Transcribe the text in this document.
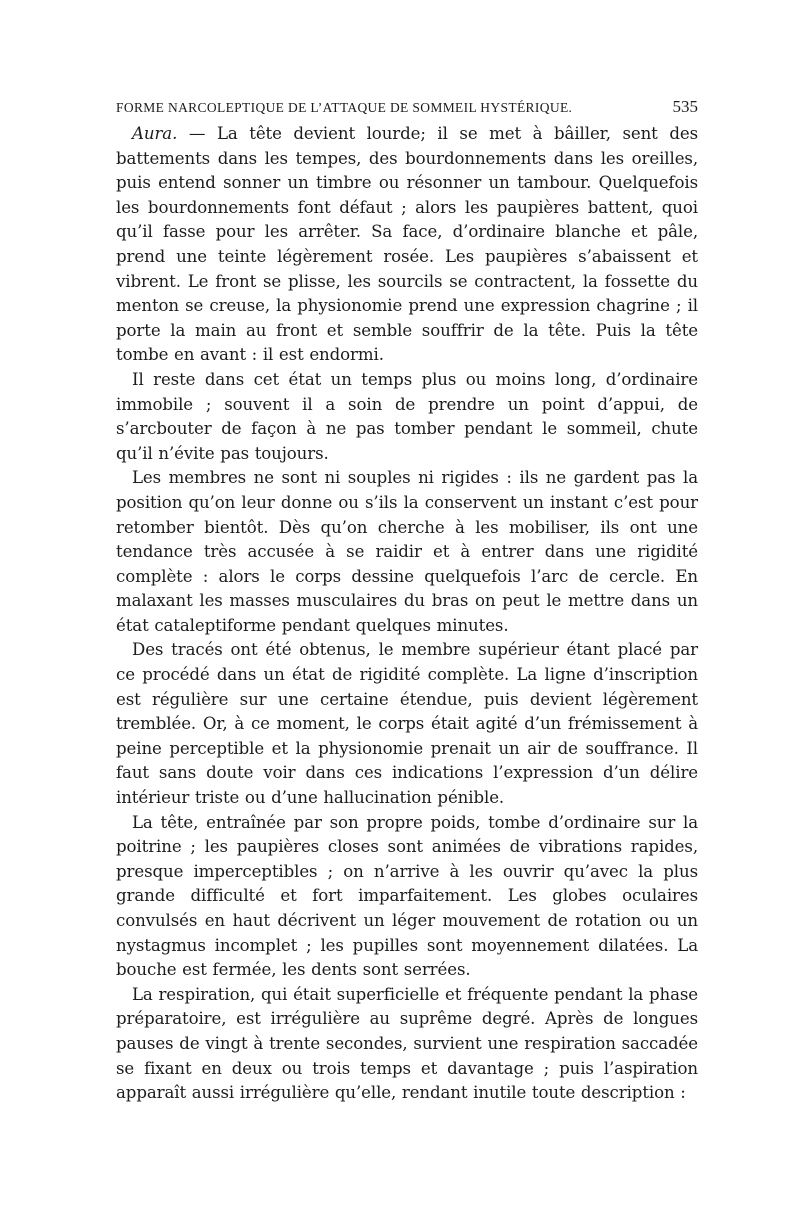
FORME NARCOLEPTIQUE DE L’ATTAQUE DE SOMMEIL HYSTÉRIQUE.	535

Aura. — La tête devient lourde; il se met à bâiller, sent des battements dans les tempes, des bourdonnements dans les oreilles, puis entend sonner un timbre ou résonner un tambour. Quelquefois les bourdonnements font défaut ; alors les paupières battent, quoi qu’il fasse pour les arrêter. Sa face, d’ordinaire blanche et pâle, prend une teinte légèrement rosée. Les paupières s’abaissent et vibrent. Le front se plisse, les sourcils se contractent, la fossette du menton se creuse, la physionomie prend une expression chagrine ; il porte la main au front et semble souffrir de la tête. Puis la tête tombe en avant : il est endormi.

Il reste dans cet état un temps plus ou moins long, d’ordinaire immobile ; souvent il a soin de prendre un point d’appui, de s’arcbouter de façon à ne pas tomber pendant le sommeil, chute qu’il n’évite pas toujours.

Les membres ne sont ni souples ni rigides : ils ne gardent pas la position qu’on leur donne ou s’ils la conservent un instant c’est pour retomber bientôt. Dès qu’on cherche à les mobiliser, ils ont une tendance très accusée à se raidir et à entrer dans une rigidité complète : alors le corps dessine quelquefois l’arc de cercle. En malaxant les masses musculaires du bras on peut le mettre dans un état cataleptiforme pendant quelques minutes.

Des tracés ont été obtenus, le membre supérieur étant placé par ce procédé dans un état de rigidité complète. La ligne d’inscription est régulière sur une certaine étendue, puis devient légèrement tremblée. Or, à ce moment, le corps était agité d’un frémissement à peine perceptible et la physionomie prenait un air de souffrance. Il faut sans doute voir dans ces indications l’expression d’un délire intérieur triste ou d’une hallucination pénible.

La tête, entraînée par son propre poids, tombe d’ordinaire sur la poitrine ; les paupières closes sont animées de vibrations rapides, presque imperceptibles ; on n’arrive à les ouvrir qu’avec la plus grande difficulté et fort imparfaitement. Les globes oculaires convulsés en haut décrivent un léger mouvement de rotation ou un nystagmus incomplet ; les pupilles sont moyennement dilatées. La bouche est fermée, les dents sont serrées.

La respiration, qui était superficielle et fréquente pendant la phase préparatoire, est irrégulière au suprême degré. Après de longues pauses de vingt à trente secondes, survient une respiration saccadée se fixant en deux ou trois temps et davantage ; puis l’aspiration apparaît aussi irrégulière qu’elle, rendant inutile toute description :
